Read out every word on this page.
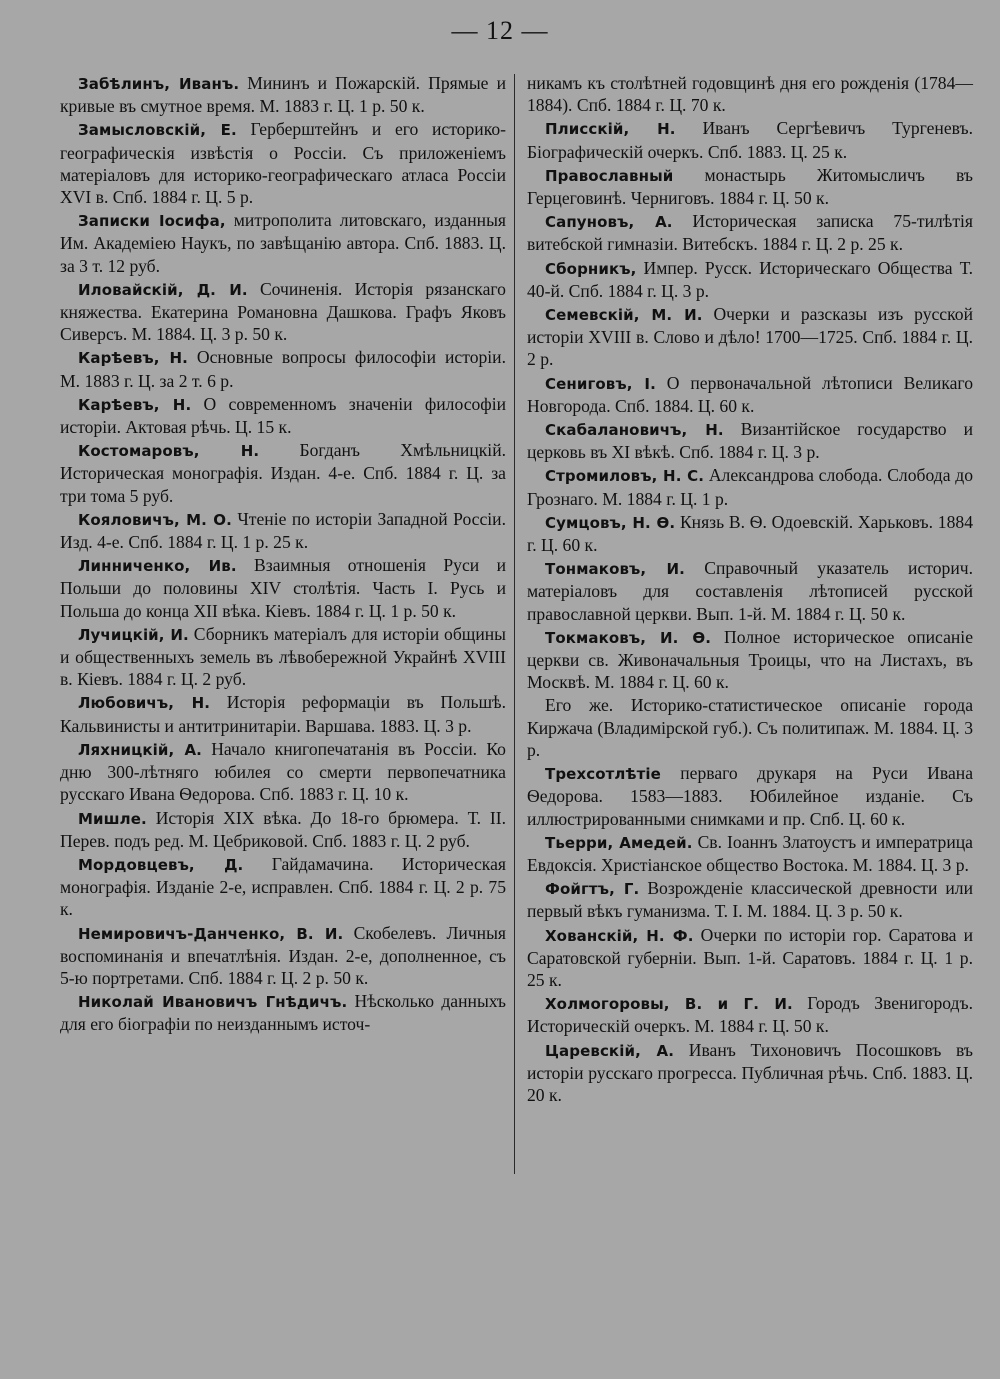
— 12 —
Забѣлинъ, Иванъ. Мининъ и Пожарскій. Прямые и кривые въ смутное время. М. 1883 г. Ц. 1 р. 50 к.
Замысловскій, Е. Герберштейнъ и его историко-географическія извѣстія о Россіи. Съ приложеніемъ матеріаловъ для историко-географическаго атласа Россіи XVI в. Спб. 1884 г. Ц. 5 р.
Записки Іосифа, митрополита литовскаго, изданныя Им. Академіею Наукъ, по завѣщанію автора. Спб. 1883. Ц. за 3 т. 12 руб.
Иловайскій, Д. И. Сочиненія. Исторія рязанскаго княжества. Екатерина Романовна Дашкова. Графъ Яковъ Сиверсъ. М. 1884. Ц. 3 р. 50 к.
Карѣевъ, Н. Основные вопросы философіи исторіи. М. 1883 г. Ц. за 2 т. 6 р.
Карѣевъ, Н. О современномъ значеніи философіи исторіи. Актовая рѣчь. Ц. 15 к.
Костомаровъ, Н. Богданъ Хмѣльницкій. Историческая монографія. Издан. 4-е. Спб. 1884 г. Ц. за три тома 5 руб.
Кояловичъ, М. О. Чтеніе по исторіи Западной Россіи. Изд. 4-е. Спб. 1884 г. Ц. 1 р. 25 к.
Линниченко, Ив. Взаимныя отношенія Руси и Польши до половины XIV столѣтія. Часть I. Русь и Польша до конца XII вѣка. Кіевъ. 1884 г. Ц. 1 р. 50 к.
Лучицкій, И. Сборникъ матеріалъ для исторіи общины и общественныхъ земель въ лѣвобережной Украйнѣ XVIII в. Кіевъ. 1884 г. Ц. 2 руб.
Любовичъ, Н. Исторія реформаціи въ Польшѣ. Кальвинисты и антитринитаріи. Варшава. 1883. Ц. 3 р.
Ляхницкій, А. Начало книгопечатанія въ Россіи. Ко дню 300-лѣтняго юбилея со смерти первопечатника русскаго Ивана Ѳедорова. Спб. 1883 г. Ц. 10 к.
Мишле. Исторія XIX вѣка. До 18-го брюмера. Т. II. Перев. подъ ред. М. Цебриковой. Спб. 1883 г. Ц. 2 руб.
Мордовцевъ, Д. Гайдамачина. Историческая монографія. Изданіе 2-е, исправлен. Спб. 1884 г. Ц. 2 р. 75 к.
Немировичъ-Данченко, В. И. Скобелевъ. Личныя воспоминанія и впечатлѣнія. Издан. 2-е, дополненное, съ 5-ю портретами. Спб. 1884 г. Ц. 2 р. 50 к.
Николай Ивановичъ Гнѣдичъ. Нѣсколько данныхъ для его біографіи по неизданнымъ источ-
никамъ къ столѣтней годовщинѣ дня его рожденія (1784—1884). Спб. 1884 г. Ц. 70 к.
Плисскій, Н. Иванъ Сергѣевичъ Тургеневъ. Біографическій очеркъ. Спб. 1883. Ц. 25 к.
Православный монастырь Житомысличъ въ Герцеговинѣ. Черниговъ. 1884 г. Ц. 50 к.
Сапуновъ, А. Историческая записка 75-тилѣтія витебской гимназіи. Витебскъ. 1884 г. Ц. 2 р. 25 к.
Сборникъ, Импер. Русск. Историческаго Общества Т. 40-й. Спб. 1884 г. Ц. 3 р.
Семевскій, М. И. Очерки и разсказы изъ русской исторіи XVIII в. Слово и дѣло! 1700—1725. Спб. 1884 г. Ц. 2 р.
Сениговъ, І. О первоначальной лѣтописи Великаго Новгорода. Спб. 1884. Ц. 60 к.
Скабалановичъ, Н. Византійское государство и церковь въ XI вѣкѣ. Спб. 1884 г. Ц. 3 р.
Стромиловъ, Н. С. Александрова слобода. Слобода до Грознаго. М. 1884 г. Ц. 1 р.
Сумцовъ, Н. Ѳ. Князь В. Ѳ. Одоевскій. Харьковъ. 1884 г. Ц. 60 к.
Тонмаковъ, И. Справочный указатель историч. матеріаловъ для составленія лѣтописей русской православной церкви. Вып. 1-й. М. 1884 г. Ц. 50 к.
Токмаковъ, И. Ѳ. Полное историческое описаніе церкви св. Живоначальныя Троицы, что на Листахъ, въ Москвѣ. М. 1884 г. Ц. 60 к.
Его же. Историко-статистическое описаніе города Киржача (Владимірской губ.). Съ политипаж. М. 1884. Ц. 3 р.
Трехсотлѣтіе перваго друкаря на Руси Ивана Ѳедорова. 1583—1883. Юбилейное изданіе. Съ иллюстрированными снимками и пр. Спб. Ц. 60 к.
Тьерри, Амедей. Св. Іоаннъ Златоустъ и императрица Евдоксія. Христіанское общество Востока. М. 1884. Ц. 3 р.
Фойгтъ, Г. Возрожденіе классической древности или первый вѣкъ гуманизма. Т. I. М. 1884. Ц. 3 р. 50 к.
Хованскій, Н. Ф. Очерки по исторіи гор. Саратова и Саратовской губерніи. Вып. 1-й. Саратовъ. 1884 г. Ц. 1 р. 25 к.
Холмогоровы, В. и Г. И. Городъ Звенигородъ. Историческій очеркъ. М. 1884 г. Ц. 50 к.
Царевскій, А. Иванъ Тихоновичъ Посошковъ въ исторіи русскаго прогресса. Публичная рѣчь. Спб. 1883. Ц. 20 к.
